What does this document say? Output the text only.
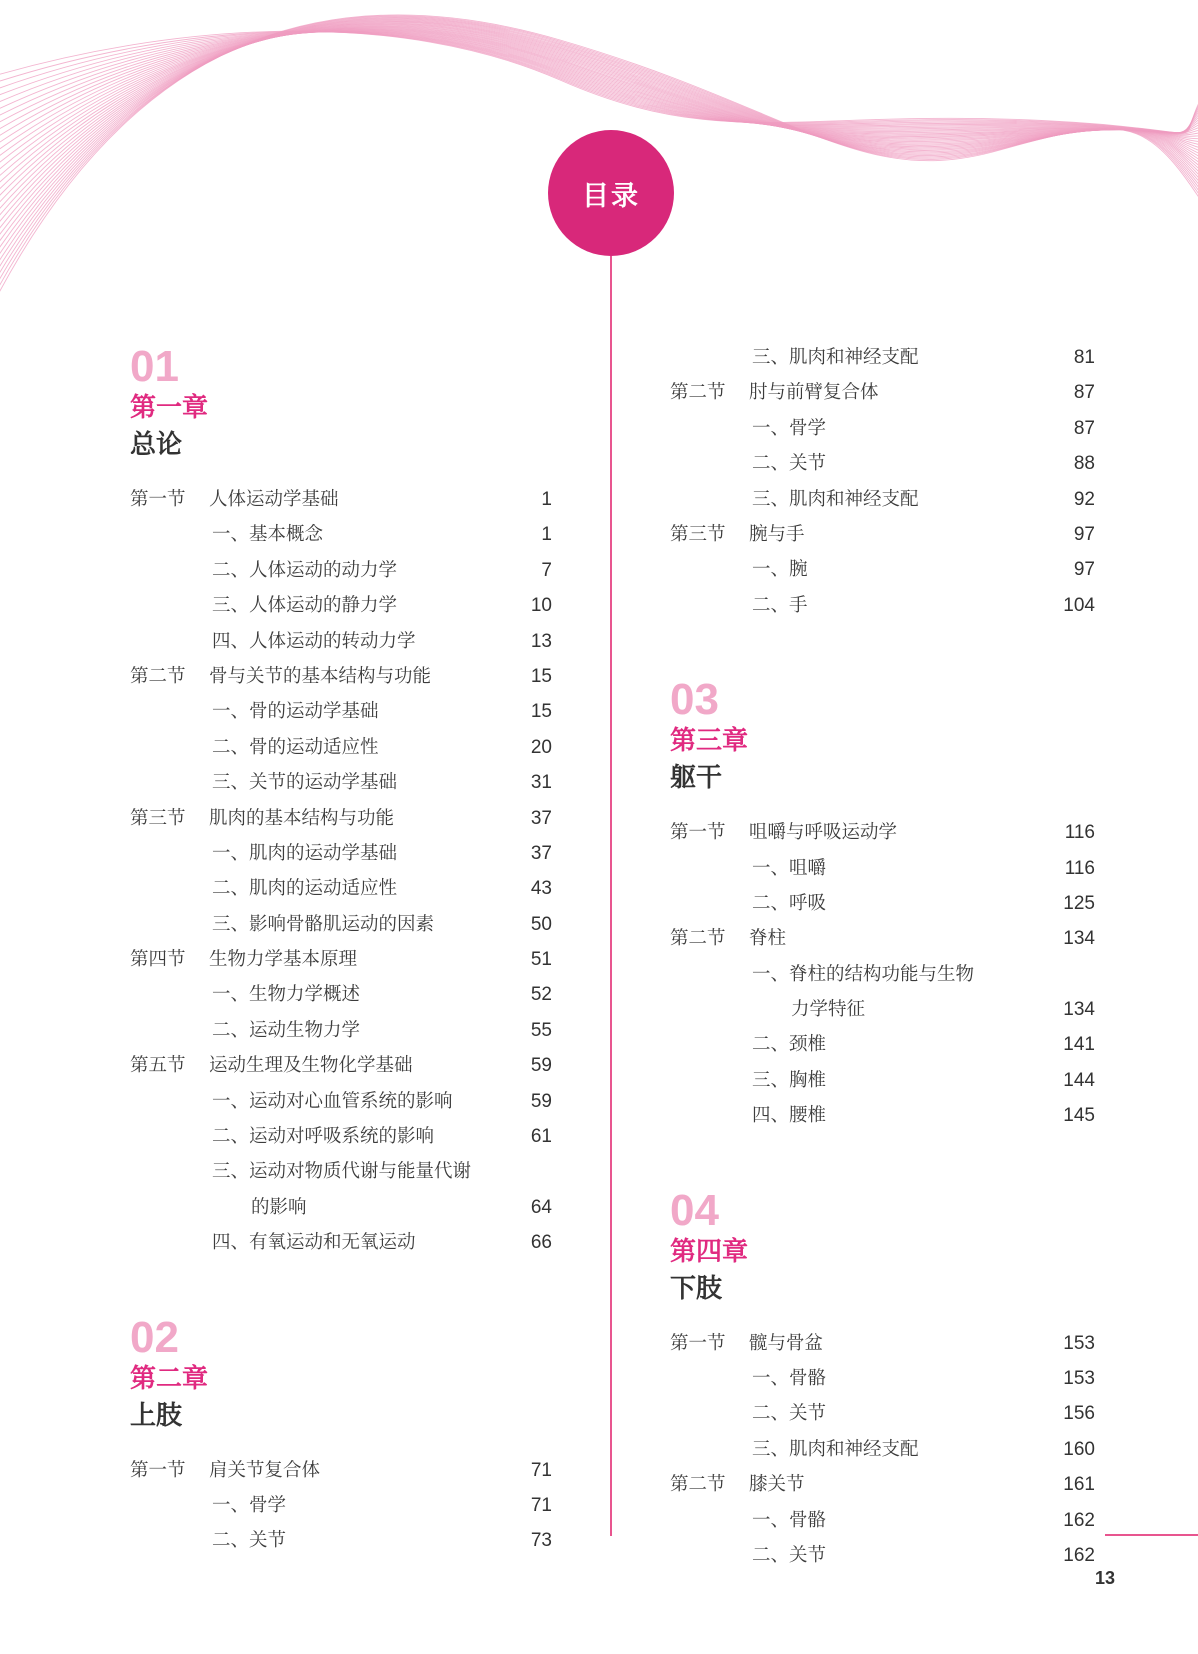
目录
01
第一章
总论
第一节 人体运动学基础	1
一、基本概念	1
二、人体运动的动力学	7
三、人体运动的静力学	10
四、人体运动的转动力学	13
第二节 骨与关节的基本结构与功能	15
一、骨的运动学基础	15
二、骨的运动适应性	20
三、关节的运动学基础	31
第三节 肌肉的基本结构与功能	37
一、肌肉的运动学基础	37
二、肌肉的运动适应性	43
三、影响骨骼肌运动的因素	50
第四节 生物力学基本原理	51
一、生物力学概述	52
二、运动生物力学	55
第五节 运动生理及生物化学基础	59
一、运动对心血管系统的影响	59
二、运动对呼吸系统的影响	61
三、运动对物质代谢与能量代谢
的影响	64
四、有氧运动和无氧运动	66
02
第二章
上肢
第一节 肩关节复合体	71
一、骨学	71
二、关节	73
三、肌肉和神经支配	81
第二节 肘与前臂复合体	87
一、骨学	87
二、关节	88
三、肌肉和神经支配	92
第三节 腕与手	97
一、腕	97
二、手	104
03
第三章
躯干
第一节 咀嚼与呼吸运动学	116
一、咀嚼	116
二、呼吸	125
第二节 脊柱	134
一、脊柱的结构功能与生物
力学特征	134
二、颈椎	141
三、胸椎	144
四、腰椎	145
04
第四章
下肢
第一节 髋与骨盆	153
一、骨骼	153
二、关节	156
三、肌肉和神经支配	160
第二节 膝关节	161
一、骨骼	162
二、关节	162
13
